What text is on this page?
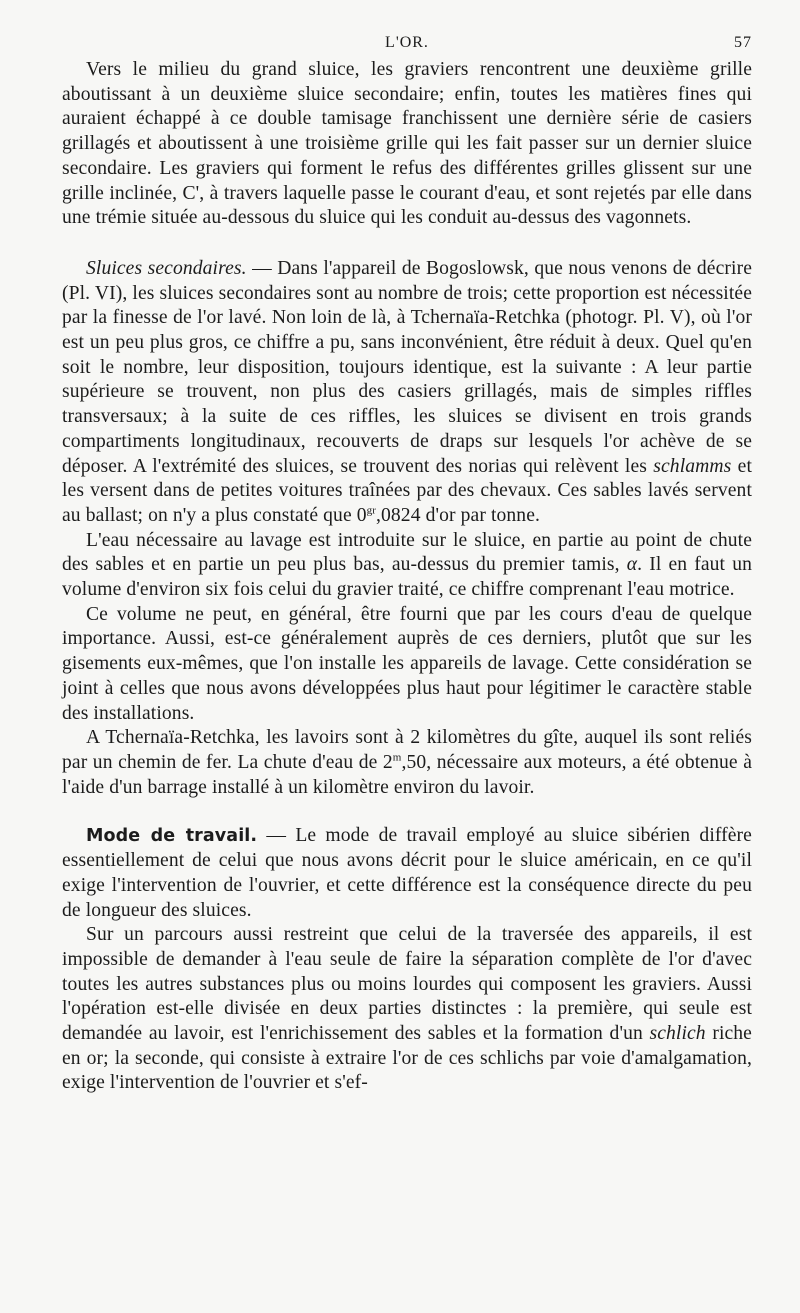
L'OR.	57

Vers le milieu du grand sluice, les graviers rencontrent une deuxième grille aboutissant à un deuxième sluice secondaire; enfin, toutes les matières fines qui auraient échappé à ce double tamisage franchissent une dernière série de casiers grillagés et aboutissent à une troisième grille qui les fait passer sur un dernier sluice secondaire. Les graviers qui forment le refus des différentes grilles glissent sur une grille inclinée, C', à travers laquelle passe le courant d'eau, et sont rejetés par elle dans une trémie située au-dessous du sluice qui les conduit au-dessus des vagonnets.

Sluices secondaires. — Dans l'appareil de Bogoslowsk, que nous venons de décrire (Pl. VI), les sluices secondaires sont au nombre de trois; cette proportion est nécessitée par la finesse de l'or lavé. Non loin de là, à Tchernaïa-Retchka (photogr. Pl. V), où l'or est un peu plus gros, ce chiffre a pu, sans inconvénient, être réduit à deux. Quel qu'en soit le nombre, leur disposition, toujours identique, est la suivante : A leur partie supérieure se trouvent, non plus des casiers grillagés, mais de simples riffles transversaux; à la suite de ces riffles, les sluices se divisent en trois grands compartiments longitudinaux, recouverts de draps sur lesquels l'or achève de se déposer. A l'extrémité des sluices, se trouvent des norias qui relèvent les schlamms et les versent dans de petites voitures traînées par des chevaux. Ces sables lavés servent au ballast; on n'y a plus constaté que $0^{gr},0824$ d'or par tonne.

L'eau nécessaire au lavage est introduite sur le sluice, en partie au point de chute des sables et en partie un peu plus bas, au-dessus du premier tamis, α. Il en faut un volume d'environ six fois celui du gravier traité, ce chiffre comprenant l'eau motrice.

Ce volume ne peut, en général, être fourni que par les cours d'eau de quelque importance. Aussi, est-ce généralement auprès de ces derniers, plutôt que sur les gisements eux-mêmes, que l'on installe les appareils de lavage. Cette considération se joint à celles que nous avons développées plus haut pour légitimer le caractère stable des installations.

A Tchernaïa-Retchka, les lavoirs sont à 2 kilomètres du gîte, auquel ils sont reliés par un chemin de fer. La chute d'eau de 2$^m$,50, nécessaire aux moteurs, a été obtenue à l'aide d'un barrage installé à un kilomètre environ du lavoir.

Mode de travail. — Le mode de travail employé au sluice sibérien diffère essentiellement de celui que nous avons décrit pour le sluice américain, en ce qu'il exige l'intervention de l'ouvrier, et cette différence est la conséquence directe du peu de longueur des sluices.

Sur un parcours aussi restreint que celui de la traversée des appareils, il est impossible de demander à l'eau seule de faire la séparation complète de l'or d'avec toutes les autres substances plus ou moins lourdes qui composent les graviers. Aussi l'opération est-elle divisée en deux parties distinctes : la première, qui seule est demandée au lavoir, est l'enrichissement des sables et la formation d'un schlich riche en or; la seconde, qui consiste à extraire l'or de ces schlichs par voie d'amalgamation, exige l'intervention de l'ouvrier et s'ef-
